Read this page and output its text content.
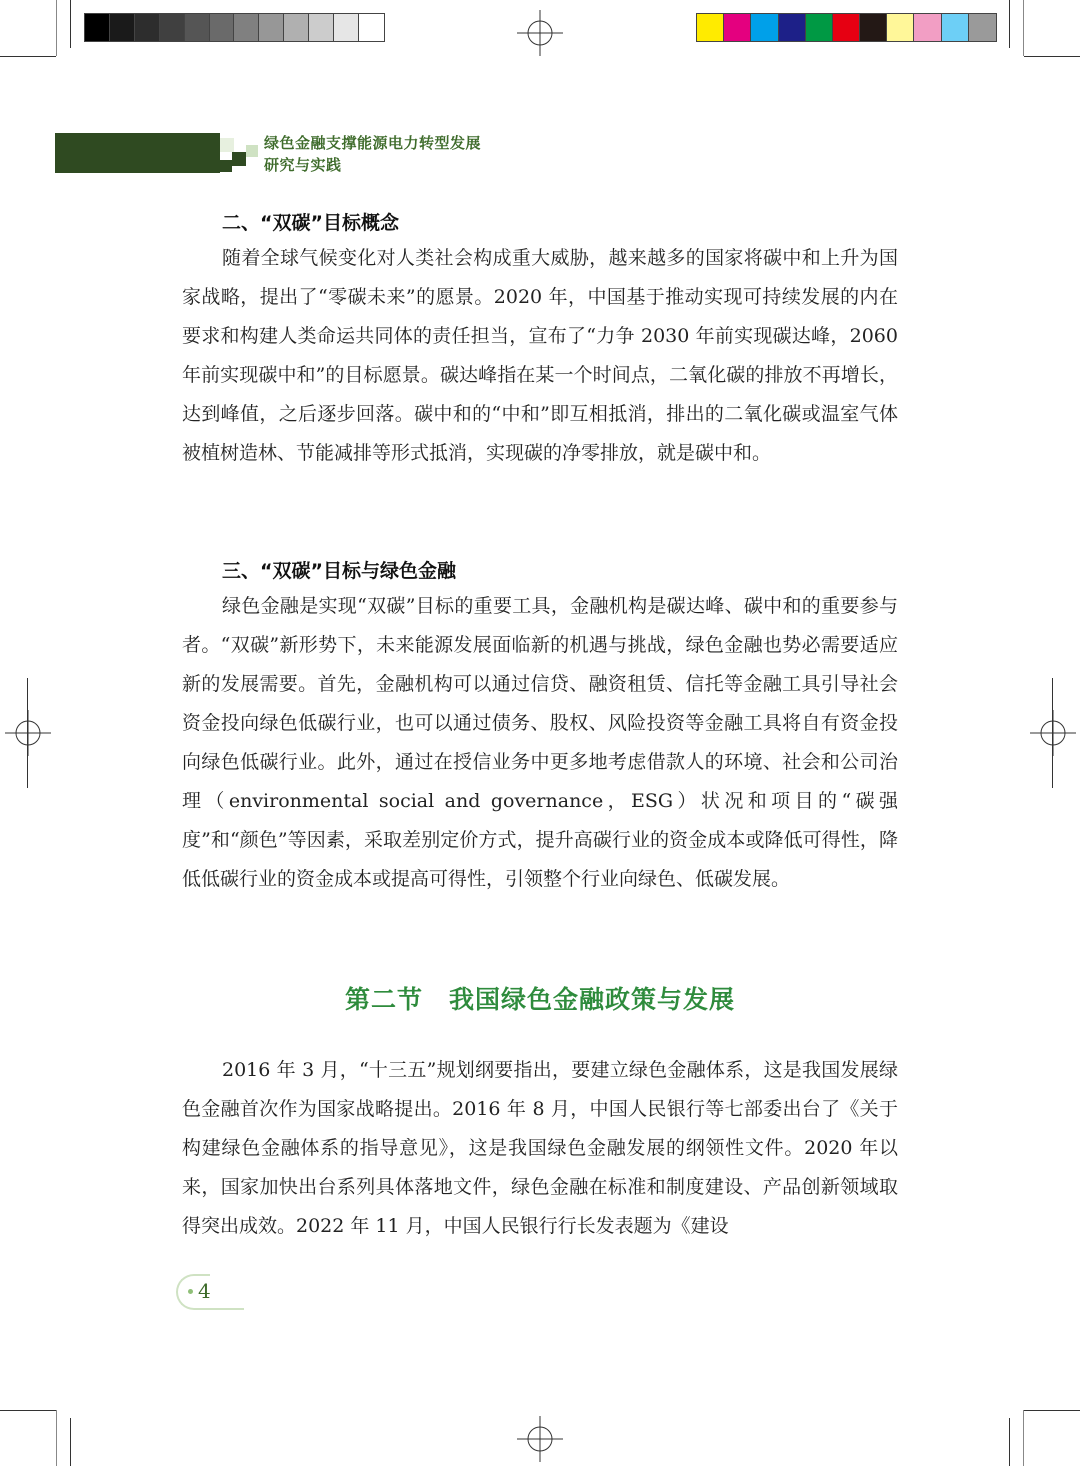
绿色金融支撑能源电力转型发展
研究与实践
二、“双碳”目标概念

随着全球气候变化对人类社会构成重大威胁，越来越多的国家将碳中和上升为国家战略，提出了“零碳未来”的愿景。2020 年，中国基于推动实现可持续发展的内在要求和构建人类命运共同体的责任担当，宣布了“力争 2030 年前实现碳达峰，2060 年前实现碳中和”的目标愿景。碳达峰指在某一个时间点，二氧化碳的排放不再增长，达到峰值，之后逐步回落。碳中和的“中和”即互相抵消，排出的二氧化碳或温室气体被植树造林、节能减排等形式抵消，实现碳的净零排放，就是碳中和。

三、“双碳”目标与绿色金融

绿色金融是实现“双碳”目标的重要工具，金融机构是碳达峰、碳中和的重要参与者。“双碳”新形势下，未来能源发展面临新的机遇与挑战，绿色金融也势必需要适应新的发展需要。首先，金融机构可以通过信贷、融资租赁、信托等金融工具引导社会资金投向绿色低碳行业，也可以通过债务、股权、风险投资等金融工具将自有资金投向绿色低碳行业。此外，通过在授信业务中更多地考虑借款人的环境、社会和公司治理（environmental social and governance，ESG）状况和项目的“碳强度”和“颜色”等因素，采取差别定价方式，提升高碳行业的资金成本或降低可得性，降低低碳行业的资金成本或提高可得性，引领整个行业向绿色、低碳发展。

第二节　我国绿色金融政策与发展

2016 年 3 月，“十三五”规划纲要指出，要建立绿色金融体系，这是我国发展绿色金融首次作为国家战略提出。2016 年 8 月，中国人民银行等七部委出台了《关于构建绿色金融体系的指导意见》，这是我国绿色金融发展的纲领性文件。2020 年以来，国家加快出台系列具体落地文件，绿色金融在标准和制度建设、产品创新领域取得突出成效。2022 年 11 月，中国人民银行行长发表题为《建设

4
